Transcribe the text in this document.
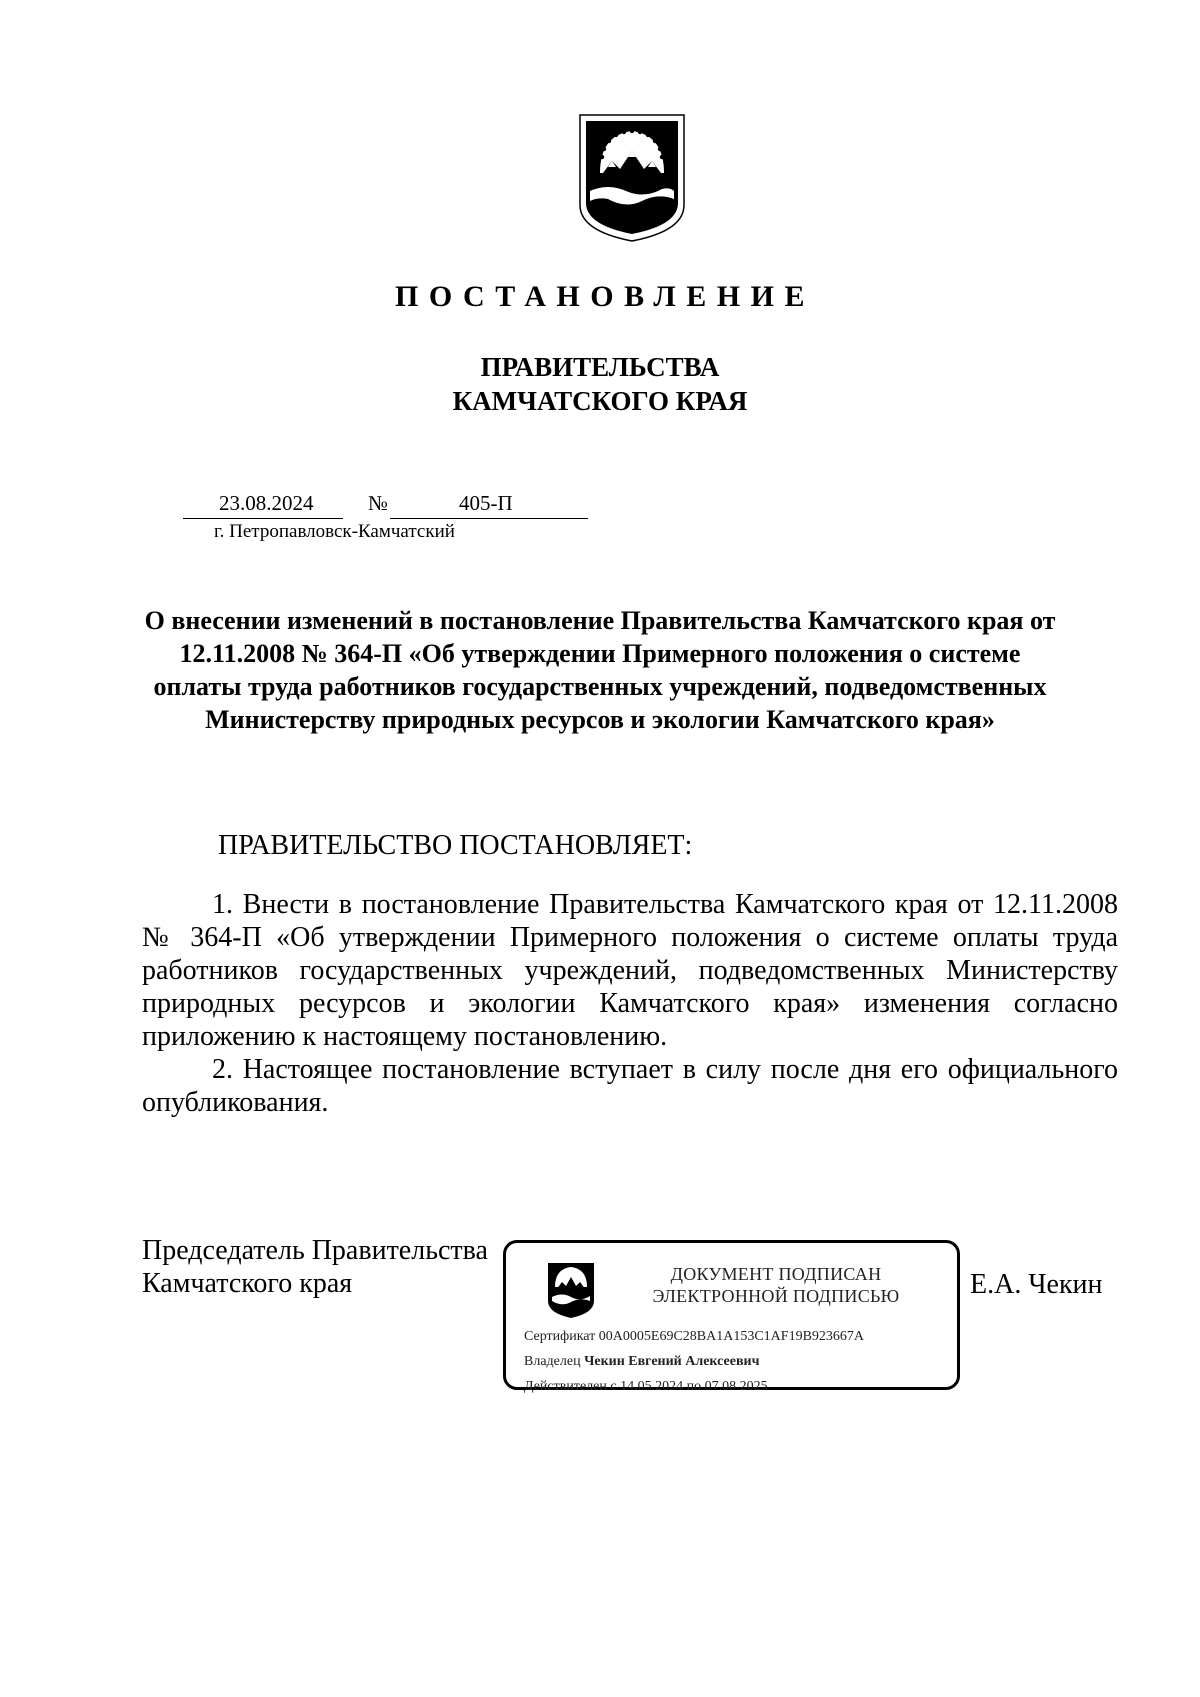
ПОСТАНОВЛЕНИЕ
ПРАВИТЕЛЬСТВА
КАМЧАТСКОГО КРАЯ
23.08.2024	№	405-П
г. Петропавловск-Камчатский
О внесении изменений в постановление Правительства Камчатского края от 12.11.2008 № 364-П «Об утверждении Примерного положения о системе оплаты труда работников государственных учреждений, подведомственных Министерству природных ресурсов и экологии Камчатского края»
ПРАВИТЕЛЬСТВО ПОСТАНОВЛЯЕТ:

1. Внести в постановление Правительства Камчатского края от 12.11.2008 № 364-П «Об утверждении Примерного положения о системе оплаты труда работников государственных учреждений, подведомственных Министерству природных ресурсов и экологии Камчатского края» изменения согласно приложению к настоящему постановлению.

2. Настоящее постановление вступает в силу после дня его официального опубликования.

Председатель Правительства
Камчатского края	ДОКУМЕНТ ПОДПИСАН
ЭЛЕКТРОННОЙ ПОДПИСЬЮ
Сертификат 00A0005E69C28BA1A153C1AF19B923667A
Владелец Чекин Евгений Алексеевич
Действителен с 14.05.2024 по 07.08.2025
Е.А. Чекин
